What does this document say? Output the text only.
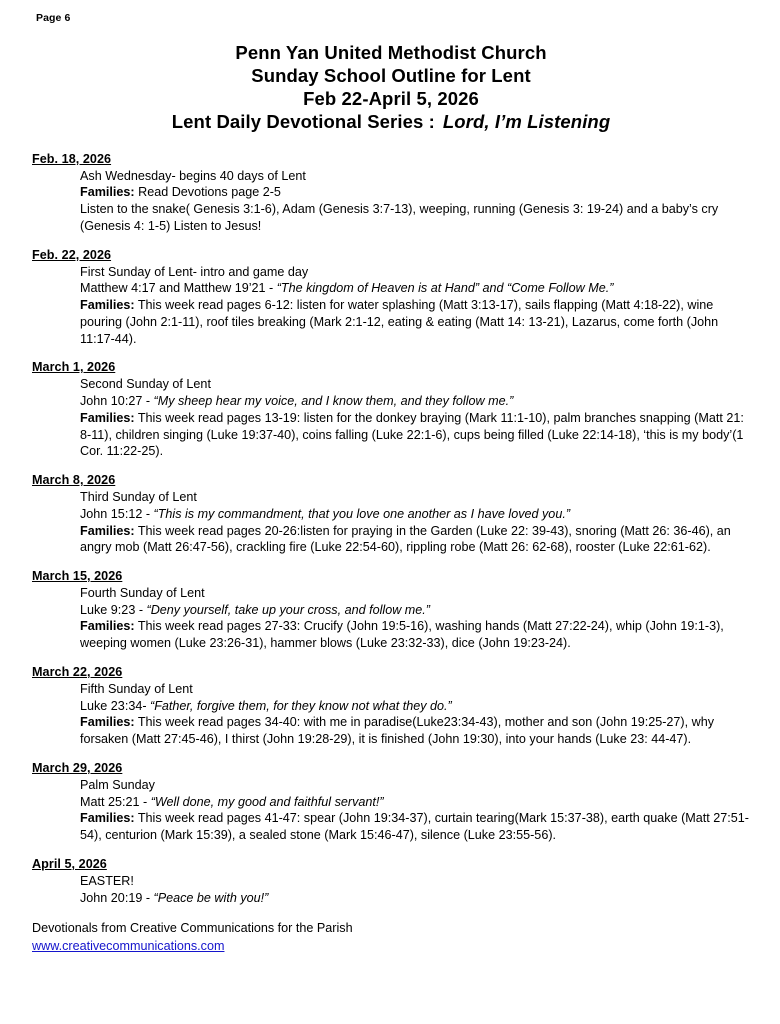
Page 6
Penn Yan United Methodist Church
Sunday School Outline for Lent
Feb 22-April 5, 2026
Lent Daily Devotional Series : Lord, I’m Listening
Feb. 18, 2026

Ash Wednesday- begins 40 days of Lent

Families: Read Devotions page 2-5

Listen to the snake( Genesis 3:1-6), Adam (Genesis 3:7-13), weeping, running (Genesis 3: 19-24) and a baby’s cry (Genesis 4: 1-5) Listen to Jesus!

Feb. 22, 2026

First Sunday of Lent- intro and game day

Matthew 4:17 and Matthew 19’21 - “The kingdom of Heaven is at Hand” and “Come Follow Me.”

Families: This week read pages 6-12: listen for water splashing (Matt 3:13-17), sails flapping (Matt 4:18-22), wine pouring (John 2:1-11), roof tiles breaking (Mark 2:1-12, eating & eating (Matt 14: 13-21), Lazarus, come forth (John 11:17-44).

March 1, 2026

Second Sunday of Lent

John 10:27 - “My sheep hear my voice, and I know them, and they follow me.”

Families: This week read pages 13-19: listen for the donkey braying (Mark 11:1-10), palm branches snapping (Matt 21: 8-11), children singing (Luke 19:37-40), coins falling (Luke 22:1-6), cups being filled (Luke 22:14-18), ‘this is my body’(1 Cor. 11:22-25).

March 8, 2026

Third Sunday of Lent

John 15:12 - “This is my commandment, that you love one another as I have loved you.”

Families: This week read pages 20-26:listen for praying in the Garden (Luke 22: 39-43), snoring (Matt 26: 36-46), an angry mob (Matt 26:47-56), crackling fire (Luke 22:54-60), rippling robe (Matt 26: 62-68), rooster (Luke 22:61-62).

March 15, 2026

Fourth Sunday of Lent

Luke 9:23 - “Deny yourself, take up your cross, and follow me.”

Families: This week read pages 27-33: Crucify (John 19:5-16), washing hands (Matt 27:22-24), whip (John 19:1-3), weeping women (Luke 23:26-31), hammer blows (Luke 23:32-33), dice (John 19:23-24).

March 22, 2026

Fifth Sunday of Lent

Luke 23:34- “Father, forgive them, for they know not what they do.”

Families: This week read pages 34-40: with me in paradise(Luke23:34-43), mother and son (John 19:25-27), why forsaken (Matt 27:45-46), I thirst (John 19:28-29), it is finished (John 19:30), into your hands (Luke 23: 44-47).

March 29, 2026

Palm Sunday

Matt 25:21 - “Well done, my good and faithful servant!”

Families: This week read pages 41-47: spear (John 19:34-37), curtain tearing(Mark 15:37-38), earth quake (Matt 27:51-54), centurion (Mark 15:39), a sealed stone (Mark 15:46-47), silence (Luke 23:55-56).

April 5, 2026

EASTER!

John 20:19 - “Peace be with you!”

Devotionals from Creative Communications for the Parish
www.creativecommunications.com
